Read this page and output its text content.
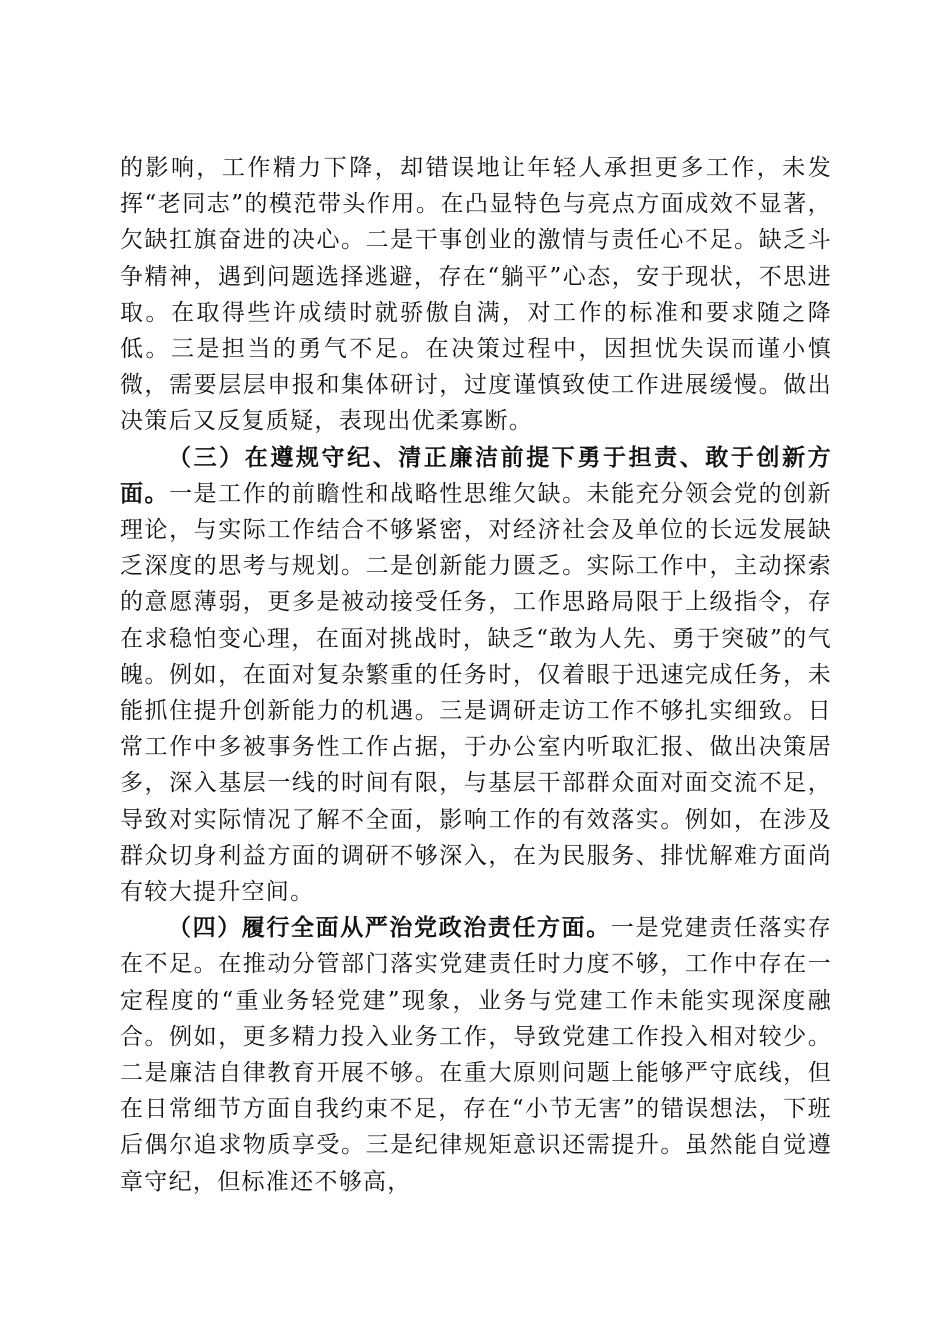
的影响，工作精力下降，却错误地让年轻人承担更多工作，未发挥“老同志”的模范带头作用。在凸显特色与亮点方面成效不显著，欠缺扛旗奋进的决心。二是干事创业的激情与责任心不足。缺乏斗争精神，遇到问题选择逃避，存在“躺平”心态，安于现状，不思进取。在取得些许成绩时就骄傲自满，对工作的标准和要求随之降低。三是担当的勇气不足。在决策过程中，因担忧失误而谨小慎微，需要层层申报和集体研讨，过度谨慎致使工作进展缓慢。做出决策后又反复质疑，表现出优柔寡断。

（三）在遵规守纪、清正廉洁前提下勇于担责、敢于创新方面。一是工作的前瞻性和战略性思维欠缺。未能充分领会党的创新理论，与实际工作结合不够紧密，对经济社会及单位的长远发展缺乏深度的思考与规划。二是创新能力匮乏。实际工作中，主动探索的意愿薄弱，更多是被动接受任务，工作思路局限于上级指令，存在求稳怕变心理，在面对挑战时，缺乏“敢为人先、勇于突破”的气魄。例如，在面对复杂繁重的任务时，仅着眼于迅速完成任务，未能抓住提升创新能力的机遇。三是调研走访工作不够扎实细致。日常工作中多被事务性工作占据，于办公室内听取汇报、做出决策居多，深入基层一线的时间有限，与基层干部群众面对面交流不足，导致对实际情况了解不全面，影响工作的有效落实。例如，在涉及群众切身利益方面的调研不够深入，在为民服务、排忧解难方面尚有较大提升空间。

（四）履行全面从严治党政治责任方面。一是党建责任落实存在不足。在推动分管部门落实党建责任时力度不够，工作中存在一定程度的“重业务轻党建”现象，业务与党建工作未能实现深度融合。例如，更多精力投入业务工作，导致党建工作投入相对较少。二是廉洁自律教育开展不够。在重大原则问题上能够严守底线，但在日常细节方面自我约束不足，存在“小节无害”的错误想法，下班后偶尔追求物质享受。三是纪律规矩意识还需提升。虽然能自觉遵章守纪，但标准还不够高，
